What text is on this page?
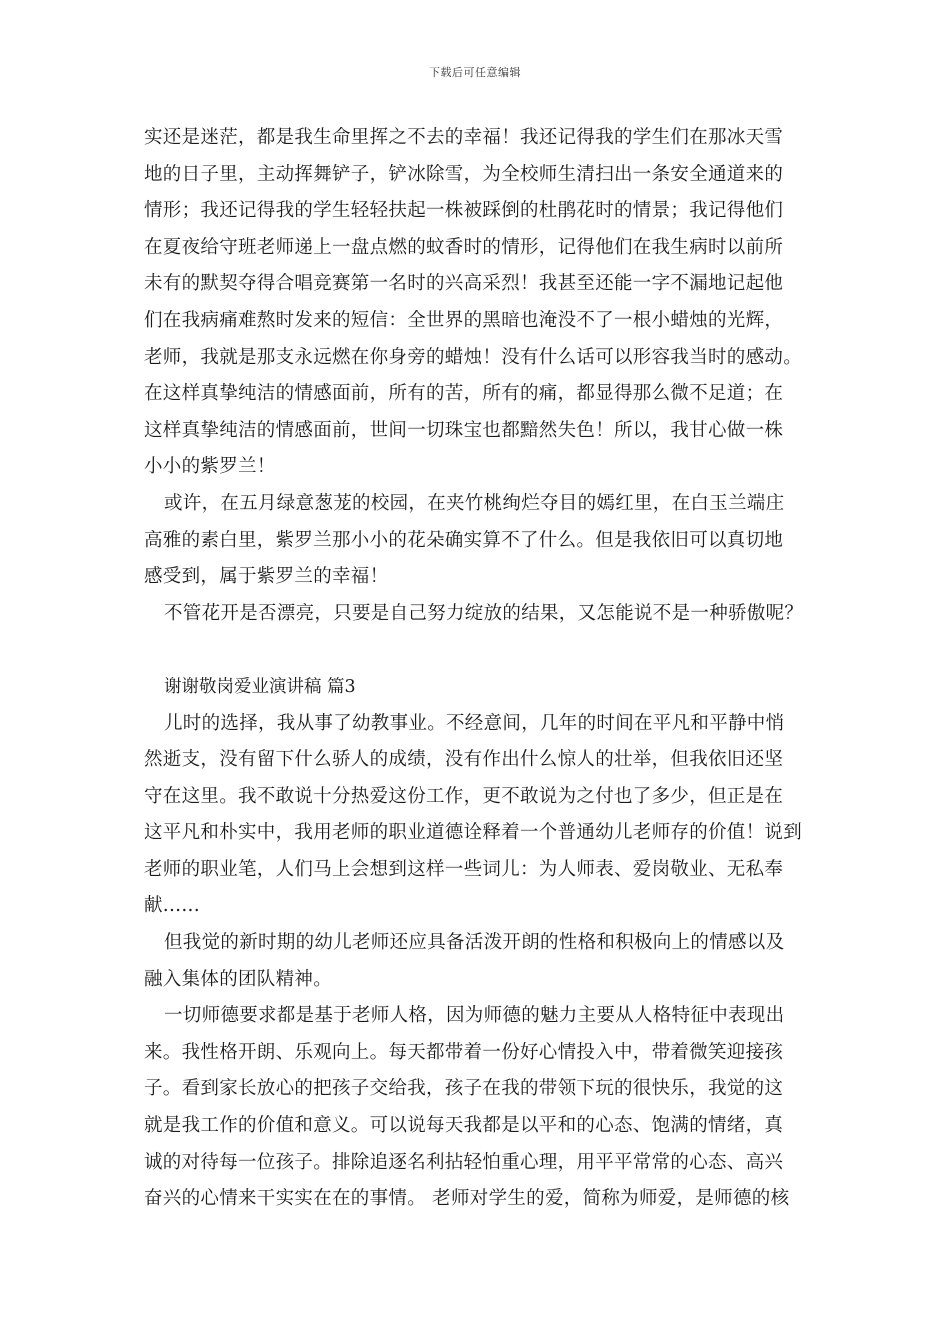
下载后可任意编辑
实还是迷茫，都是我生命里挥之不去的幸福！我还记得我的学生们在那冰天雪
地的日子里，主动挥舞铲子，铲冰除雪，为全校师生清扫出一条安全通道来的
情形；我还记得我的学生轻轻扶起一株被踩倒的杜鹃花时的情景；我记得他们
在夏夜给守班老师递上一盘点燃的蚊香时的情形，记得他们在我生病时以前所
未有的默契夺得合唱竞赛第一名时的兴高采烈！我甚至还能一字不漏地记起他
们在我病痛难熬时发来的短信：全世界的黑暗也淹没不了一根小蜡烛的光辉，
老师，我就是那支永远燃在你身旁的蜡烛！没有什么话可以形容我当时的感动。
在这样真挚纯洁的情感面前，所有的苦，所有的痛，都显得那么微不足道；在
这样真挚纯洁的情感面前，世间一切珠宝也都黯然失色！所以，我甘心做一株
小小的紫罗兰！
或许，在五月绿意葱茏的校园，在夹竹桃绚烂夺目的嫣红里，在白玉兰端庄
高雅的素白里，紫罗兰那小小的花朵确实算不了什么。但是我依旧可以真切地
感受到，属于紫罗兰的幸福！
不管花开是否漂亮，只要是自己努力绽放的结果，又怎能说不是一种骄傲呢？
谢谢敬岗爱业演讲稿 篇3
儿时的选择，我从事了幼教事业。不经意间，几年的时间在平凡和平静中悄
然逝支，没有留下什么骄人的成绩，没有作出什么惊人的壮举，但我依旧还坚
守在这里。我不敢说十分热爱这份工作，更不敢说为之付也了多少，但正是在
这平凡和朴实中，我用老师的职业道德诠释着一个普通幼儿老师存的价值！说到
老师的职业笔，人们马上会想到这样一些词儿：为人师表、爱岗敬业、无私奉
献......
但我觉的新时期的幼儿老师还应具备活泼开朗的性格和积极向上的情感以及
融入集体的团队精神。
一切师德要求都是基于老师人格，因为师德的魅力主要从人格特征中表现出
来。我性格开朗、乐观向上。每天都带着一份好心情投入中，带着微笑迎接孩
子。看到家长放心的把孩子交给我，孩子在我的带领下玩的很快乐，我觉的这
就是我工作的价值和意义。可以说每天我都是以平和的心态、饱满的情绪，真
诚的对待每一位孩子。排除追逐名利拈轻怕重心理，用平平常常的心态、高兴
奋兴的心情来干实实在在的事情。 老师对学生的爱，简称为师爱，是师德的核
